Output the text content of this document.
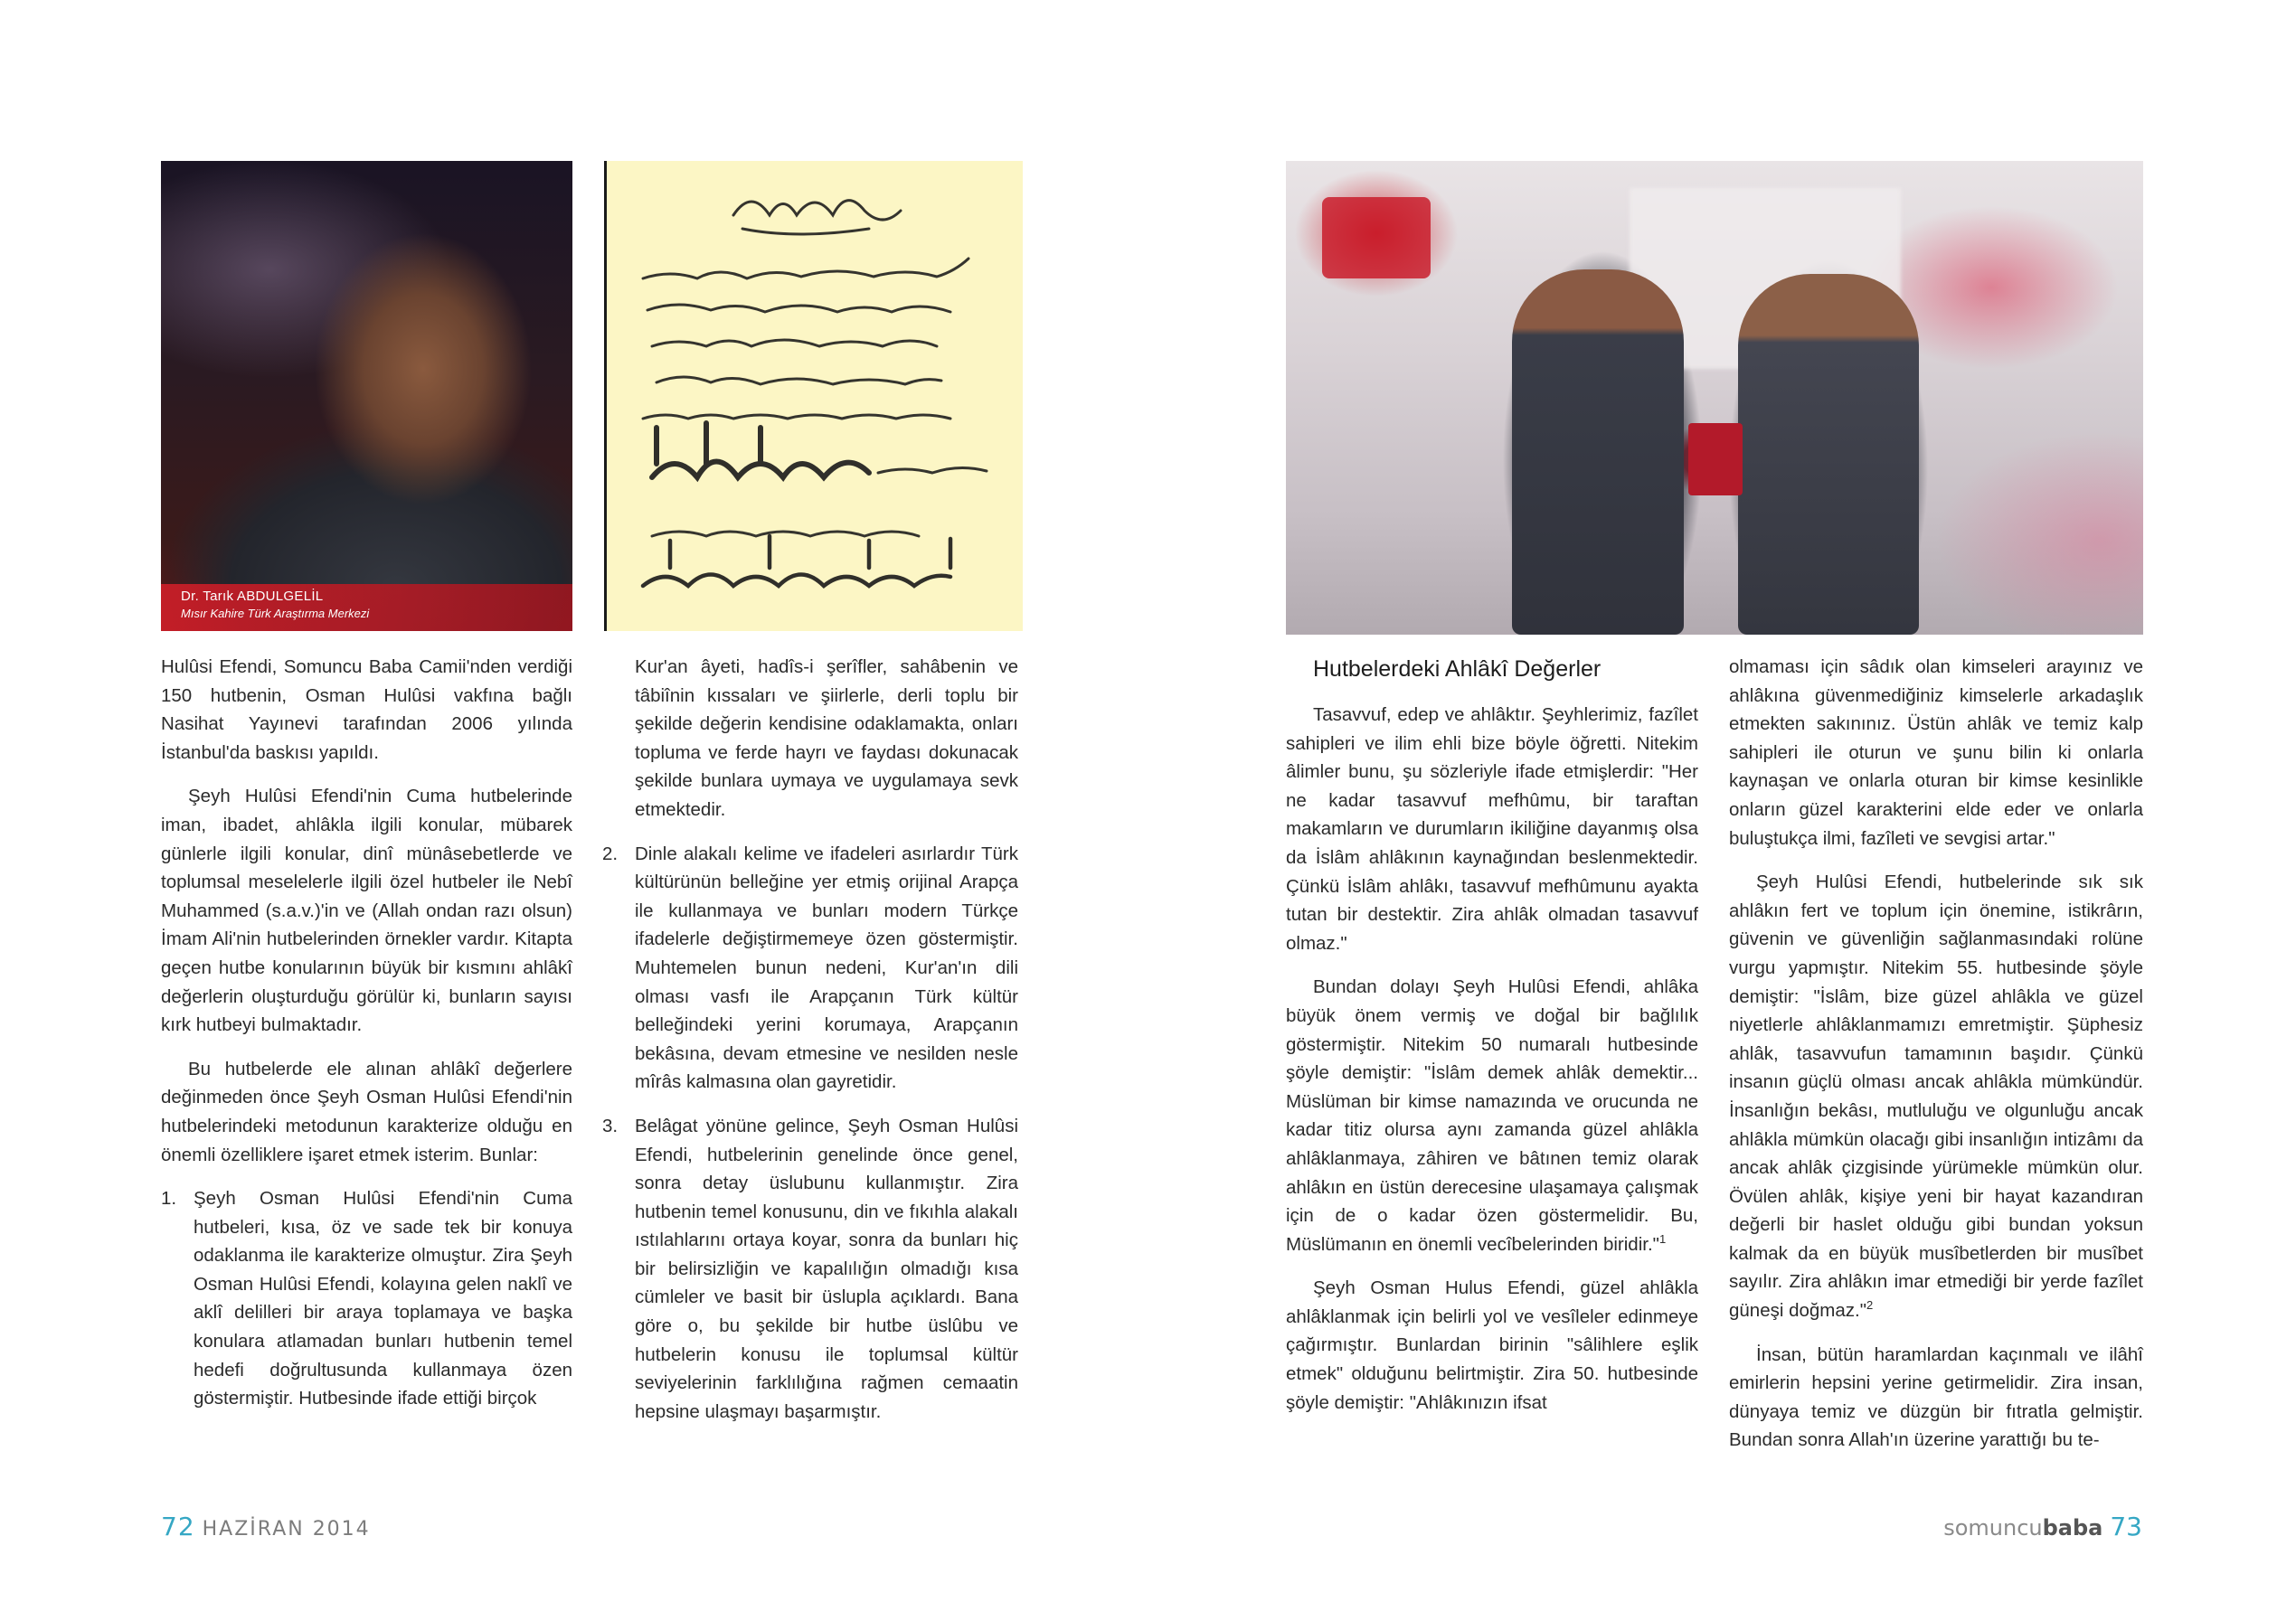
Dr. Tarık ABDULGELİL
Mısır Kahire Türk Araştırma Merkezi

Hulûsi Efendi, Somuncu Baba Camii'nden verdiği 150 hutbenin, Osman Hulûsi vakfına bağlı Nasihat Yayınevi tarafından 2006 yılında İstanbul'da baskısı yapıldı.

Şeyh Hulûsi Efendi'nin Cuma hutbelerinde iman, ibadet, ahlâkla ilgili konular, mübarek günlerle ilgili konular, dinî münâsebetlerde ve toplumsal meselelerle ilgili özel hutbeler ile Nebî Muhammed (s.a.v.)'in ve (Allah ondan razı olsun) İmam Ali'nin hutbelerinden örnekler vardır. Kitapta geçen hutbe konularının büyük bir kısmını ahlâkî değerlerin oluşturduğu görülür ki, bunların sayısı kırk hutbeyi bulmaktadır.

Bu hutbelerde ele alınan ahlâkî değerlere değinmeden önce Şeyh Osman Hulûsi Efendi'nin hutbelerindeki metodunun karakterize olduğu en önemli özelliklere işaret etmek isterim. Bunlar:

1. Şeyh Osman Hulûsi Efendi'nin Cuma hutbeleri, kısa, öz ve sade tek bir konuya odaklanma ile karakterize olmuştur. Zira Şeyh Osman Hulûsi Efendi, kolayına gelen naklî ve aklî delilleri bir araya toplamaya ve başka konulara atlamadan bunları hutbenin temel hedefi doğrultusunda kullanmaya özen göstermiştir. Hutbesinde ifade ettiği birçok

Kur'an âyeti, hadîs-i şerîfler, sahâbenin ve tâbiînin kıssaları ve şiirlerle, derli toplu bir şekilde değerin kendisine odaklamakta, onları topluma ve ferde hayrı ve faydası dokunacak şekilde bunlara uymaya ve uygulamaya sevk etmektedir.

2. Dinle alakalı kelime ve ifadeleri asırlardır Türk kültürünün belleğine yer etmiş orijinal Arapça ile kullanmaya ve bunları modern Türkçe ifadelerle değiştirmemeye özen göstermiştir. Muhtemelen bunun nedeni, Kur'an'ın dili olması vasfı ile Arapçanın Türk kültür belleğindeki yerini korumaya, Arapçanın bekâsına, devam etmesine ve nesilden nesle mîrâs kalmasına olan gayretidir.
3. Belâgat yönüne gelince, Şeyh Osman Hulûsi Efendi, hutbelerinin genelinde önce genel, sonra detay üslubunu kullanmıştır. Zira hutbenin temel konusunu, din ve fıkıhla alakalı ıstılahlarını ortaya koyar, sonra da bunları hiç bir belirsizliğin ve kapalılığın olmadığı kısa cümleler ve basit bir üslupla açıklardı. Bana göre o, bu şekilde bir hutbe üslûbu ve hutbelerin konusu ile toplumsal kültür seviyelerinin farklılığına rağmen cemaatin hepsine ulaşmayı başarmıştır.
Hutbelerdeki Ahlâkî Değerler

Tasavvuf, edep ve ahlâktır. Şeyhlerimiz, fazîlet sahipleri ve ilim ehli bize böyle öğretti. Nitekim âlimler bunu, şu sözleriyle ifade etmişlerdir: "Her ne kadar tasavvuf mefhûmu, bir taraftan makamların ve durumların ikiliğine dayanmış olsa da İslâm ahlâkının kaynağından beslenmektedir. Çünkü İslâm ahlâkı, tasavvuf mefhûmunu ayakta tutan bir destektir. Zira ahlâk olmadan tasavvuf olmaz."

Bundan dolayı Şeyh Hulûsi Efendi, ahlâka büyük önem vermiş ve doğal bir bağlılık göstermiştir. Nitekim 50 numaralı hutbesinde şöyle demiştir: "İslâm demek ahlâk demektir... Müslüman bir kimse namazında ve orucunda ne kadar titiz olursa aynı zamanda güzel ahlâkla ahlâklanmaya, zâhiren ve bâtınen temiz olarak ahlâkın en üstün derecesine ulaşamaya çalışmak için de o kadar özen göstermelidir. Bu, Müslümanın en önemli vecîbelerinden biridir."$^1$

Şeyh Osman Hulus Efendi, güzel ahlâkla ahlâklanmak için belirli yol ve vesîleler edinmeye çağırmıştır. Bunlardan birinin "sâlihlere eşlik etmek" olduğunu belirtmiştir. Zira 50. hutbesinde şöyle demiştir: "Ahlâkınızın ifsat

olmaması için sâdık olan kimseleri arayınız ve ahlâkına güvenmediğiniz kimselerle arkadaşlık etmekten sakınınız. Üstün ahlâk ve temiz kalp sahipleri ile oturun ve şunu bilin ki onlarla kaynaşan ve onlarla oturan bir kimse kesinlikle onların güzel karakterini elde eder ve onlarla buluştukça ilmi, fazîleti ve sevgisi artar."

Şeyh Hulûsi Efendi, hutbelerinde sık sık ahlâkın fert ve toplum için önemine, istikrârın, güvenin ve güvenliğin sağlanmasındaki rolüne vurgu yapmıştır. Nitekim 55. hutbesinde şöyle demiştir: "İslâm, bize güzel ahlâkla ve güzel niyetlerle ahlâklanmamızı emretmiştir. Şüphesiz ahlâk, tasavvufun tamamının başıdır. Çünkü insanın güçlü olması ancak ahlâkla mümkündür. İnsanlığın bekâsı, mutluluğu ve olgunluğu ancak ahlâkla mümkün olacağı gibi insanlığın intizâmı da ancak ahlâk çizgisinde yürümekle mümkün olur. Övülen ahlâk, kişiye yeni bir hayat kazandıran değerli bir haslet olduğu gibi bundan yoksun kalmak da en büyük musîbetlerden bir musîbet sayılır. Zira ahlâkın imar etmediği bir yerde fazîlet güneşi doğmaz."$^2$

İnsan, bütün haramlardan kaçınmalı ve ilâhî emirlerin hepsini yerine getirmelidir. Zira insan, dünyaya temiz ve düzgün bir fıtratla gelmiştir. Bundan sonra Allah'ın üzerine yarattığı bu te-

72 HAZİRAN 2014	somuncubaba 73
